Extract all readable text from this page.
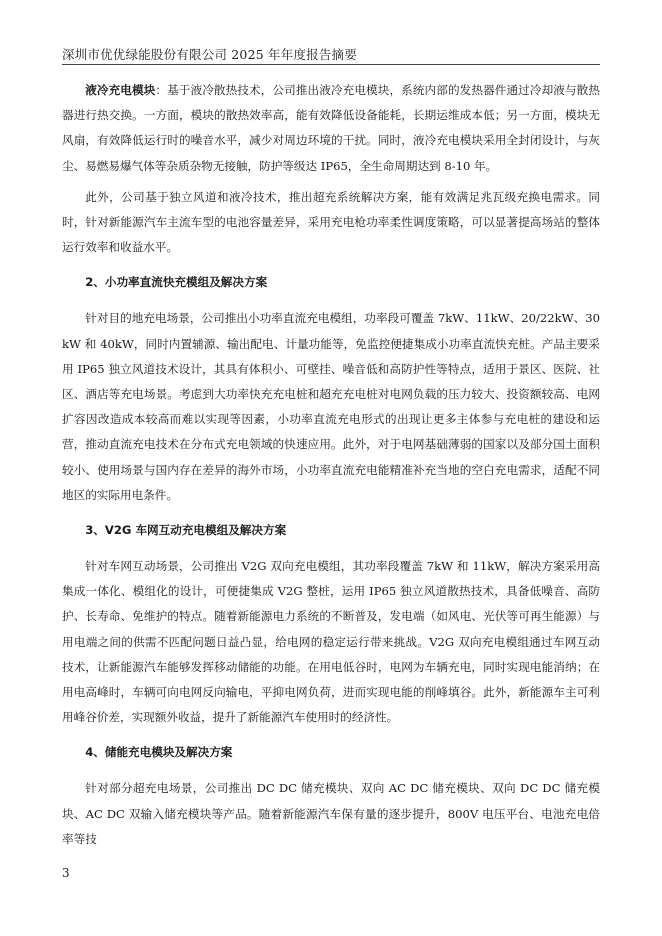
深圳市优优绿能股份有限公司 2025 年年度报告摘要

液冷充电模块：基于液冷散热技术，公司推出液冷充电模块，系统内部的发热器件通过冷却液与散热器进行热交换。一方面，模块的散热效率高，能有效降低设备能耗，长期运维成本低；另一方面，模块无风扇，有效降低运行时的噪音水平，减少对周边环境的干扰。同时，液冷充电模块采用全封闭设计，与灰尘、易燃易爆气体等杂质杂物无接触，防护等级达 IP65，全生命周期达到 8-10 年。

此外，公司基于独立风道和液冷技术，推出超充系统解决方案，能有效满足兆瓦级充换电需求。同时，针对新能源汽车主流车型的电池容量差异，采用充电枪功率柔性调度策略，可以显著提高场站的整体运行效率和收益水平。

2、小功率直流快充模组及解决方案

针对目的地充电场景，公司推出小功率直流充电模组，功率段可覆盖 7kW、11kW、20/22kW、30kW 和 40kW，同时内置辅源、输出配电、计量功能等，免监控便捷集成小功率直流快充桩。产品主要采用 IP65 独立风道技术设计，其具有体积小、可壁挂、噪音低和高防护性等特点，适用于景区、医院、社区、酒店等充电场景。考虑到大功率快充充电桩和超充充电桩对电网负载的压力较大、投资额较高、电网扩容因改造成本较高而难以实现等因素，小功率直流充电形式的出现让更多主体参与充电桩的建设和运营，推动直流充电技术在分布式充电领域的快速应用。此外，对于电网基础薄弱的国家以及部分国土面积较小、使用场景与国内存在差异的海外市场，小功率直流充电能精准补充当地的空白充电需求，适配不同地区的实际用电条件。

3、V2G 车网互动充电模组及解决方案

针对车网互动场景，公司推出 V2G 双向充电模组，其功率段覆盖 7kW 和 11kW，解决方案采用高集成一体化、模组化的设计，可便捷集成 V2G 整桩，运用 IP65 独立风道散热技术，具备低噪音、高防护、长寿命、免维护的特点。随着新能源电力系统的不断普及，发电端（如风电、光伏等可再生能源）与用电端之间的供需不匹配问题日益凸显，给电网的稳定运行带来挑战。V2G 双向充电模组通过车网互动技术，让新能源汽车能够发挥移动储能的功能。在用电低谷时，电网为车辆充电，同时实现电能消纳；在用电高峰时，车辆可向电网反向输电，平抑电网负荷，进而实现电能的削峰填谷。此外，新能源车主可利用峰谷价差，实现额外收益，提升了新能源汽车使用时的经济性。

4、储能充电模块及解决方案

针对部分超充电场景，公司推出 DC DC 储充模块、双向 AC DC 储充模块、双向 DC DC 储充模块、AC DC 双输入储充模块等产品。随着新能源汽车保有量的逐步提升，800V 电压平台、电池充电倍率等技

3
